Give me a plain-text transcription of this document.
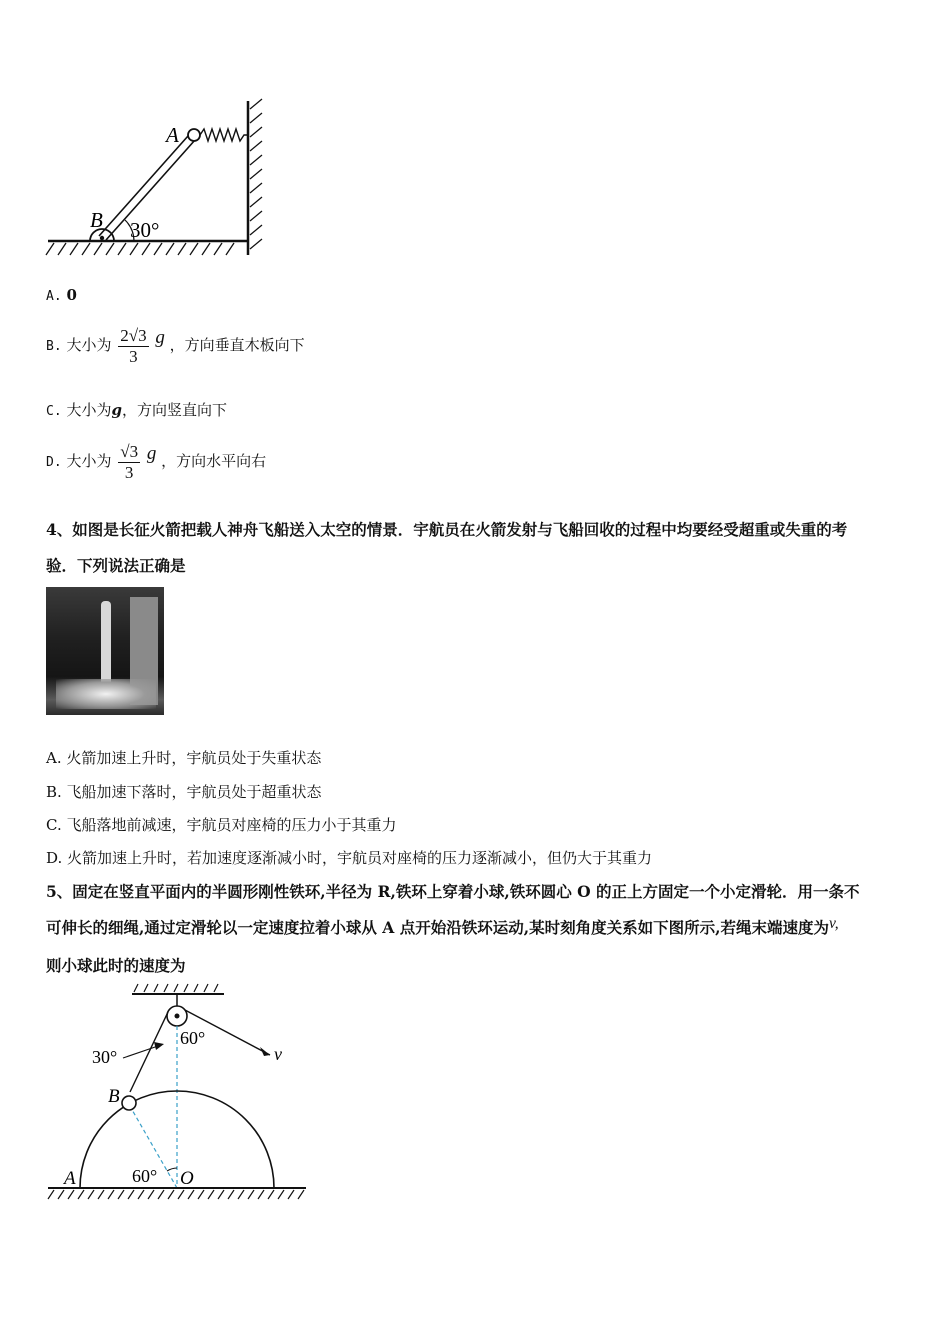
A
B 30°
A. 0
B. 大小为 $\frac{2√3}{3}$ g ，方向垂直木板向下
C. 大小为g，方向竖直向下
D. 大小为 $\frac{√3}{3}$ g ，方向水平向右
4、如图是长征火箭把载人神舟飞船送入太空的情景．宇航员在火箭发射与飞船回收的过程中均要经受超重或失重的考
验．下列说法正确是
A. 火箭加速上升时，宇航员处于失重状态
B. 飞船加速下落时，宇航员处于超重状态
C. 飞船落地前减速，宇航员对座椅的压力小于其重力
D. 火箭加速上升时，若加速度逐渐减小时，宇航员对座椅的压力逐渐减小，但仍大于其重力
5、固定在竖直平面内的半圆形刚性铁环,半径为 R,铁环上穿着小球,铁环圆心 O 的正上方固定一个小定滑轮．用一条不
可伸长的细绳,通过定滑轮以一定速度拉着小球从 A 点开始沿铁环运动,某时刻角度关系如下图所示,若绳末端速度为v,
则小球此时的速度为
60°
30°	v
B
60° O
A
